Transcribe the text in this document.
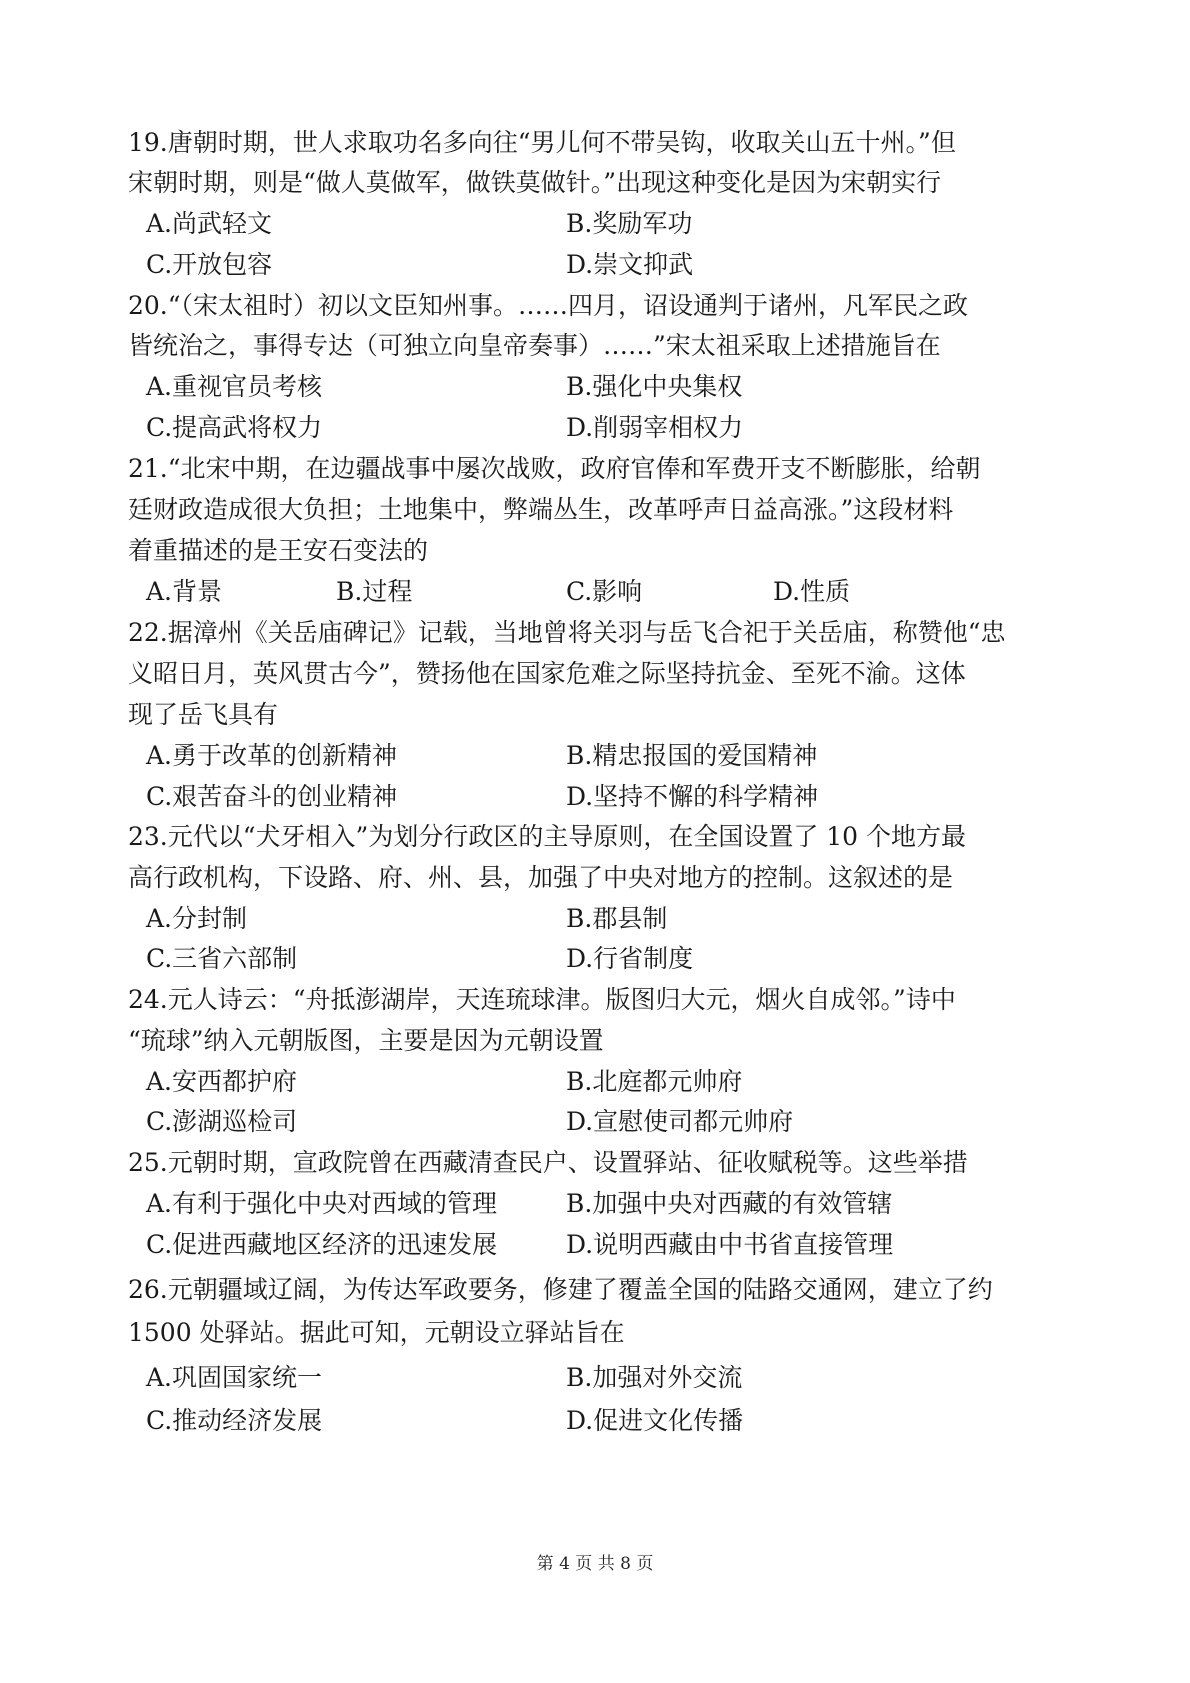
19.唐朝时期，世人求取功名多向往“男儿何不带吴钩，收取关山五十州。”但
宋朝时期，则是“做人莫做军，做铁莫做针。”出现这种变化是因为宋朝实行
A.尚武轻文	B.奖励军功
C.开放包容	D.崇文抑武
20.“（宋太祖时）初以文臣知州事。……四月，诏设通判于诸州，凡军民之政
皆统治之，事得专达（可独立向皇帝奏事）……”宋太祖采取上述措施旨在
A.重视官员考核	B.强化中央集权
C.提高武将权力	D.削弱宰相权力
21.“北宋中期，在边疆战事中屡次战败，政府官俸和军费开支不断膨胀，给朝
廷财政造成很大负担；土地集中，弊端丛生，改革呼声日益高涨。”这段材料
着重描述的是王安石变法的
A.背景	B.过程	C.影响	D.性质
22.据漳州《关岳庙碑记》记载，当地曾将关羽与岳飞合祀于关岳庙，称赞他“忠
义昭日月，英风贯古今”，赞扬他在国家危难之际坚持抗金、至死不渝。这体
现了岳飞具有
A.勇于改革的创新精神	B.精忠报国的爱国精神
C.艰苦奋斗的创业精神	D.坚持不懈的科学精神
23.元代以“犬牙相入”为划分行政区的主导原则，在全国设置了 10 个地方最
高行政机构，下设路、府、州、县，加强了中央对地方的控制。这叙述的是
A.分封制	B.郡县制
C.三省六部制	D.行省制度
24.元人诗云：“舟抵澎湖岸，天连琉球津。版图归大元，烟火自成邻。”诗中
“琉球”纳入元朝版图，主要是因为元朝设置
A.安西都护府	B.北庭都元帅府
C.澎湖巡检司	D.宣慰使司都元帅府
25.元朝时期，宣政院曾在西藏清查民户、设置驿站、征收赋税等。这些举措
A.有利于强化中央对西域的管理	B.加强中央对西藏的有效管辖
C.促进西藏地区经济的迅速发展	D.说明西藏由中书省直接管理
26.元朝疆域辽阔，为传达军政要务，修建了覆盖全国的陆路交通网，建立了约
1500 处驿站。据此可知，元朝设立驿站旨在
A.巩固国家统一	B.加强对外交流
C.推动经济发展	D.促进文化传播
第 4 页 共 8 页
